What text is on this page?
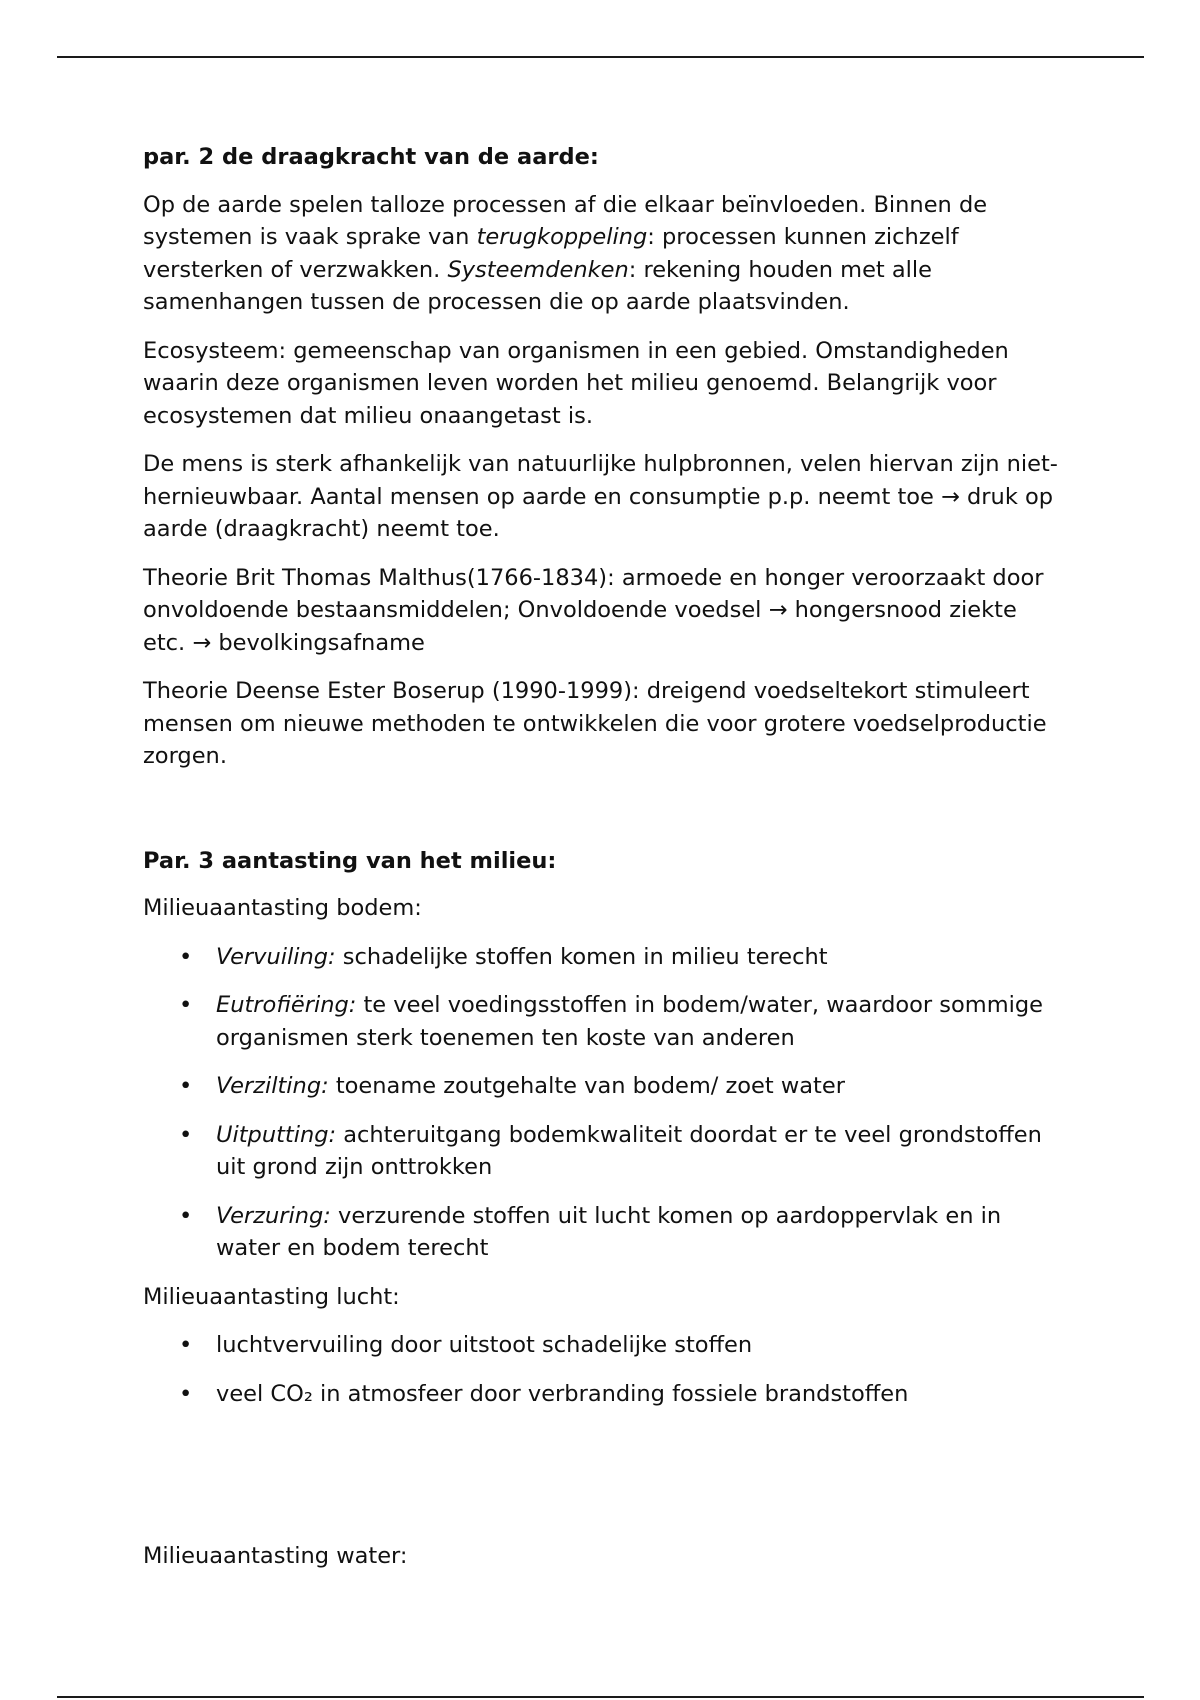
par. 2 de draagkracht van de aarde:
Op de aarde spelen talloze processen af die elkaar beïnvloeden. Binnen de systemen is vaak sprake van terugkoppeling: processen kunnen zichzelf versterken of verzwakken. Systeemdenken: rekening houden met alle samenhangen tussen de processen die op aarde plaatsvinden.
Ecosysteem: gemeenschap van organismen in een gebied. Omstandigheden waarin deze organismen leven worden het milieu genoemd. Belangrijk voor ecosystemen dat milieu onaangetast is.
De mens is sterk afhankelijk van natuurlijke hulpbronnen, velen hiervan zijn niet-hernieuwbaar. Aantal mensen op aarde en consumptie p.p. neemt toe → druk op aarde (draagkracht) neemt toe.
Theorie Brit Thomas Malthus(1766-1834): armoede en honger veroorzaakt door onvoldoende bestaansmiddelen; Onvoldoende voedsel → hongersnood ziekte etc. → bevolkingsafname
Theorie Deense Ester Boserup (1990-1999): dreigend voedseltekort stimuleert mensen om nieuwe methoden te ontwikkelen die voor grotere voedselproductie zorgen.
Par. 3 aantasting van het milieu:
Milieuaantasting bodem:
• Vervuiling: schadelijke stoffen komen in milieu terecht
• Eutrofiëring: te veel voedingsstoffen in bodem/water, waardoor sommige organismen sterk toenemen ten koste van anderen
• Verzilting: toename zoutgehalte van bodem/ zoet water
• Uitputting: achteruitgang bodemkwaliteit doordat er te veel grondstoffen uit grond zijn onttrokken
• Verzuring: verzurende stoffen uit lucht komen op aardoppervlak en in water en bodem terecht
Milieuaantasting lucht:
• luchtvervuiling door uitstoot schadelijke stoffen
• veel CO₂ in atmosfeer door verbranding fossiele brandstoffen
Milieuaantasting water:
